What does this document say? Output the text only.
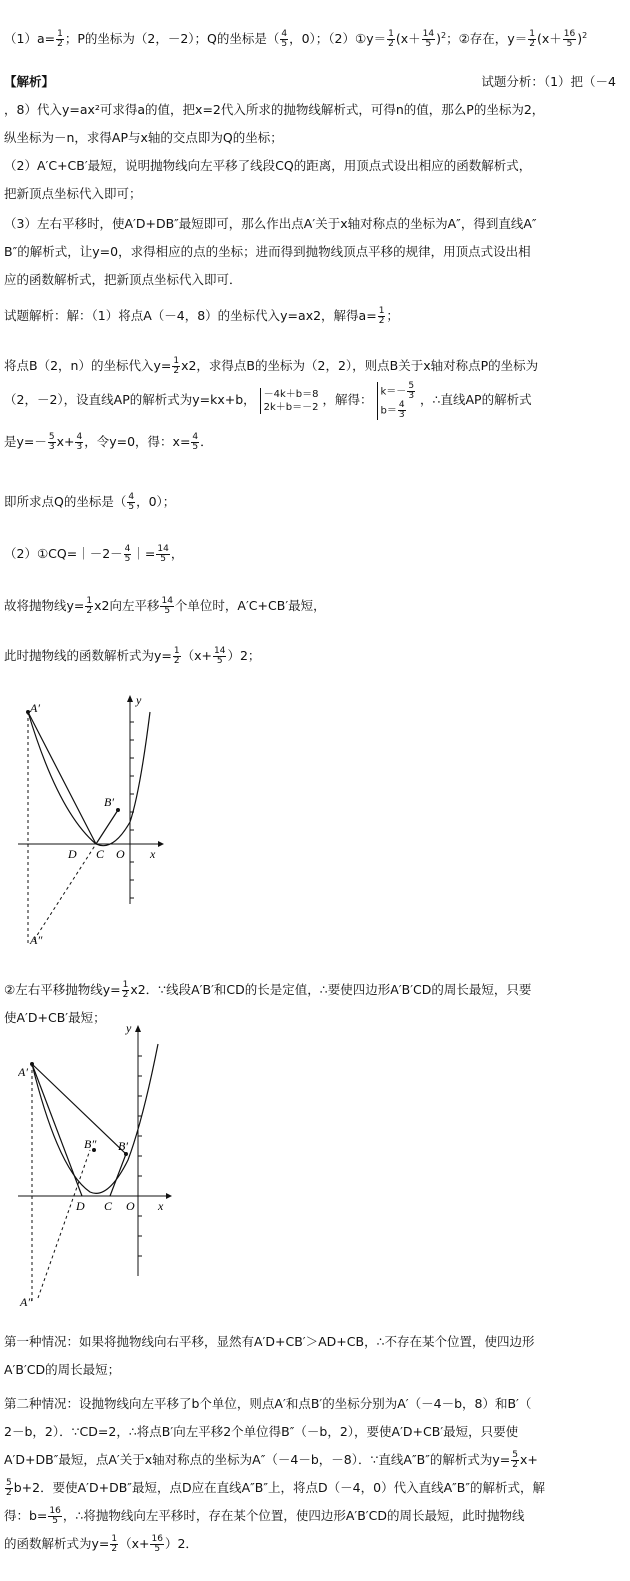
$(1)a= \frac{1}{2}$ ；P的坐标为（2，－2）；Q的坐标是（ $\frac{4}{5}$ ，0）；（2）①y＝ $\frac{1}{2} (x+ \frac{14}{5} )^2$；②存在，$y= \frac{1}{2} (x+ \frac{16}{5} )^2$
【解析】	试题分析：（1）把（－4
，8）代入y=ax²可求得a的值，把x=2代入所求的抛物线解析式，可得n的值，那么P的坐标为2，
纵坐标为－n，求得AP与x轴的交点即为Q的坐标；
（2）A′C+CB′最短，说明抛物线向左平移了线段CQ的距离，用顶点式设出相应的函数解析式，
把新顶点坐标代入即可；
（3）左右平移时，使A′D+DB″最短即可，那么作出点A′关于x轴对称点的坐标为A″，得到直线A″
B″的解析式，让y=0，求得相应的点的坐标；进而得到抛物线顶点平移的规律，用顶点式设出相
应的函数解析式，把新顶点坐标代入即可．
试题解析：解：（1）将点A（－4，8）的坐标代入y=ax2，解得$a= \frac{1}{2}$ ；
将点B（2，n）的坐标代入$y= \frac{1}{2} x2$，求得点B的坐标为（2，2），则点B关于x轴对称点P的坐标为
（2，－2），设直线AP的解析式为y=kx+b， －4k＋b＝8
2k＋b＝－2 ，解得：
$k=- \frac{5}{3}$
$b= \frac{4}{3}$
，∴直线AP的解析式
是$y=- \frac{5}{3} x+ \frac{4}{3}$ ，令y=0，得：$x= \frac{4}{5}$ ．
即所求点Q的坐标是（ $\frac{4}{5}$ ，0）；
（2）①CQ=｜－2－ $\frac{4}{5}$ ｜= $\frac{14}{5}$ ，
故将抛物线$y= \frac{1}{2} x2$向左平移 $\frac{14}{5}$ 个单位时，A′C+CB′最短，
此时抛物线的函数解析式为$y= \frac{1}{2} (x+ \frac{14}{5} )2$；
A′
B′
D C O x
y
A″
②左右平移抛物线$y= \frac{1}{2} x2$．∵线段A′B′和CD的长是定值，∴要使四边形A′B′CD的周长最短，只要
使A′D+CB′最短；
A′
B′
B″
D C O x
y
A″
第一种情况：如果将抛物线向右平移，显然有A′D+CB′＞AD+CB，∴不存在某个位置，使四边形
A′B′CD的周长最短；
第二种情况：设抛物线向左平移了b个单位，则点A′和点B′的坐标分别为A′（－4－b，8）和B′（
2－b，2）．∵CD=2，∴将点B′向左平移2个单位得B″（－b，2），要使A′D+CB′最短，只要使
A′D+DB″最短，点A′关于x轴对称点的坐标为A″（－4－b，－8）．∵直线A″B″的解析式为$y= \frac{5}{2} x+$
$\frac{5}{2} b+2$．要使A′D+DB″最短，点D应在直线A″B″上，将点D（－4，0）代入直线A″B″的解析式，解
得：$b= \frac{16}{5}$ ，∴将抛物线向左平移时，存在某个位置，使四边形A′B′CD的周长最短，此时抛物线
的函数解析式为$y= \frac{1}{2} (x+ \frac{16}{5} )2$．
